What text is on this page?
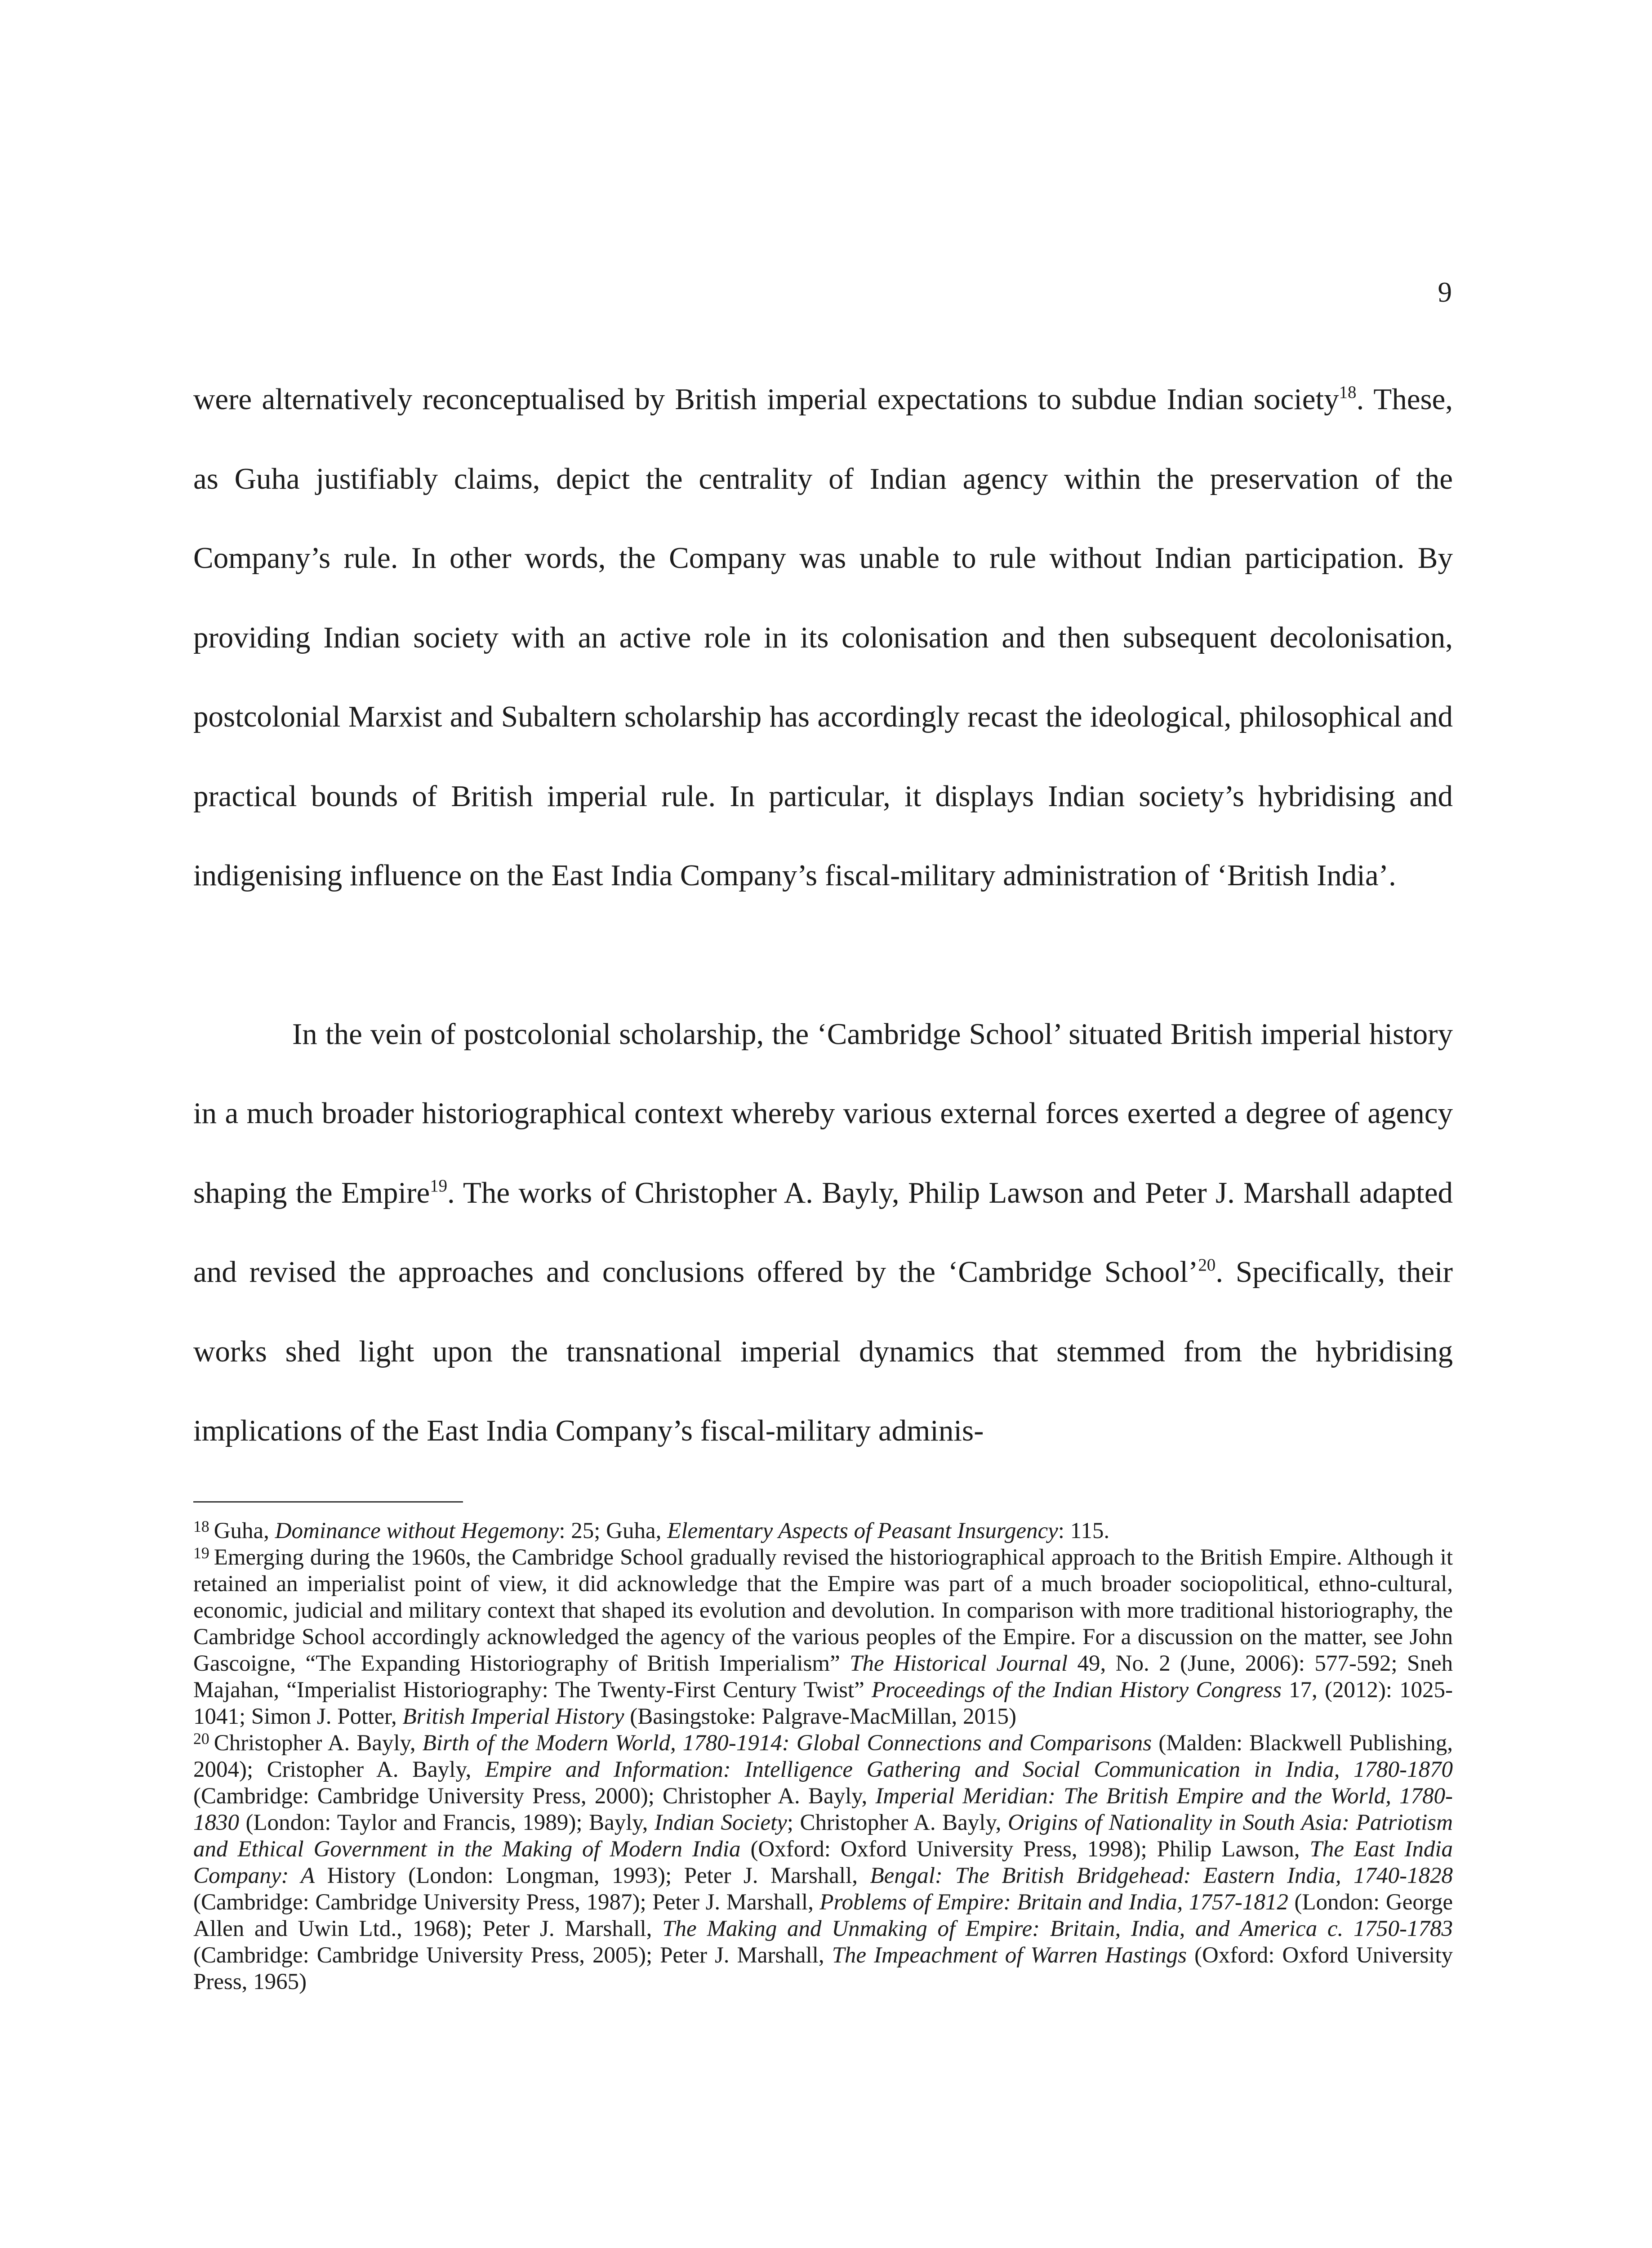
9

were alternatively reconceptualised by British imperial expectations to subdue Indian society$^{18}$. These, as Guha justifiably claims, depict the centrality of Indian agency within the preservation of the Company’s rule. In other words, the Company was unable to rule without Indian participation. By providing Indian society with an active role in its colonisation and then subsequent decolonisation, postcolonial Marxist and Subaltern scholarship has accordingly recast the ideological, philosophical and practical bounds of British imperial rule. In particular, it displays Indian society’s hybridising and indigenising influence on the East India Company’s fiscal-military administration of ‘British India’.

In the vein of postcolonial scholarship, the ‘Cambridge School’ situated British imperial history in a much broader historiographical context whereby various external forces exerted a degree of agency shaping the Empire$^{19}$. The works of Christopher A. Bayly, Philip Lawson and Peter J. Marshall adapted and revised the approaches and conclusions offered by the ‘Cambridge School’$^{20}$. Specifically, their works shed light upon the transnational imperial dynamics that stemmed from the hybridising implications of the East India Company’s fiscal-military adminis-

$^{18}$ Guha, Dominance without Hegemony: 25; Guha, Elementary Aspects of Peasant Insurgency: 115.

$^{19}$ Emerging during the 1960s, the Cambridge School gradually revised the historiographical approach to the British Empire. Although it retained an imperialist point of view, it did acknowledge that the Empire was part of a much broader sociopolitical, ethno-cultural, economic, judicial and military context that shaped its evolution and devolution. In comparison with more traditional historiography, the Cambridge School accordingly acknowledged the agency of the various peoples of the Empire. For a discussion on the matter, see John Gascoigne, “The Expanding Historiography of British Imperialism” The Historical Journal 49, No. 2 (June, 2006): 577-592; Sneh Majahan, “Imperialist Historiography: The Twenty-First Century Twist” Proceedings of the Indian History Congress 17, (2012): 1025-1041; Simon J. Potter, British Imperial History (Basingstoke: Palgrave-MacMillan, 2015)

$^{20}$ Christopher A. Bayly, Birth of the Modern World, 1780-1914: Global Connections and Comparisons (Malden: Blackwell Publishing, 2004); Cristopher A. Bayly, Empire and Information: Intelligence Gathering and Social Communication in India, 1780-1870 (Cambridge: Cambridge University Press, 2000); Christopher A. Bayly, Imperial Meridian: The British Empire and the World, 1780-1830 (London: Taylor and Francis, 1989); Bayly, Indian Society; Christopher A. Bayly, Origins of Nationality in South Asia: Patriotism and Ethical Government in the Making of Modern India (Oxford: Oxford University Press, 1998); Philip Lawson, The East India Company: A History (London: Longman, 1993); Peter J. Marshall, Bengal: The British Bridgehead: Eastern India, 1740-1828 (Cambridge: Cambridge University Press, 1987); Peter J. Marshall, Problems of Empire: Britain and India, 1757-1812 (London: George Allen and Uwin Ltd., 1968); Peter J. Marshall, The Making and Unmaking of Empire: Britain, India, and America c. 1750-1783 (Cambridge: Cambridge University Press, 2005); Peter J. Marshall, The Impeachment of Warren Hastings (Oxford: Oxford University Press, 1965)
